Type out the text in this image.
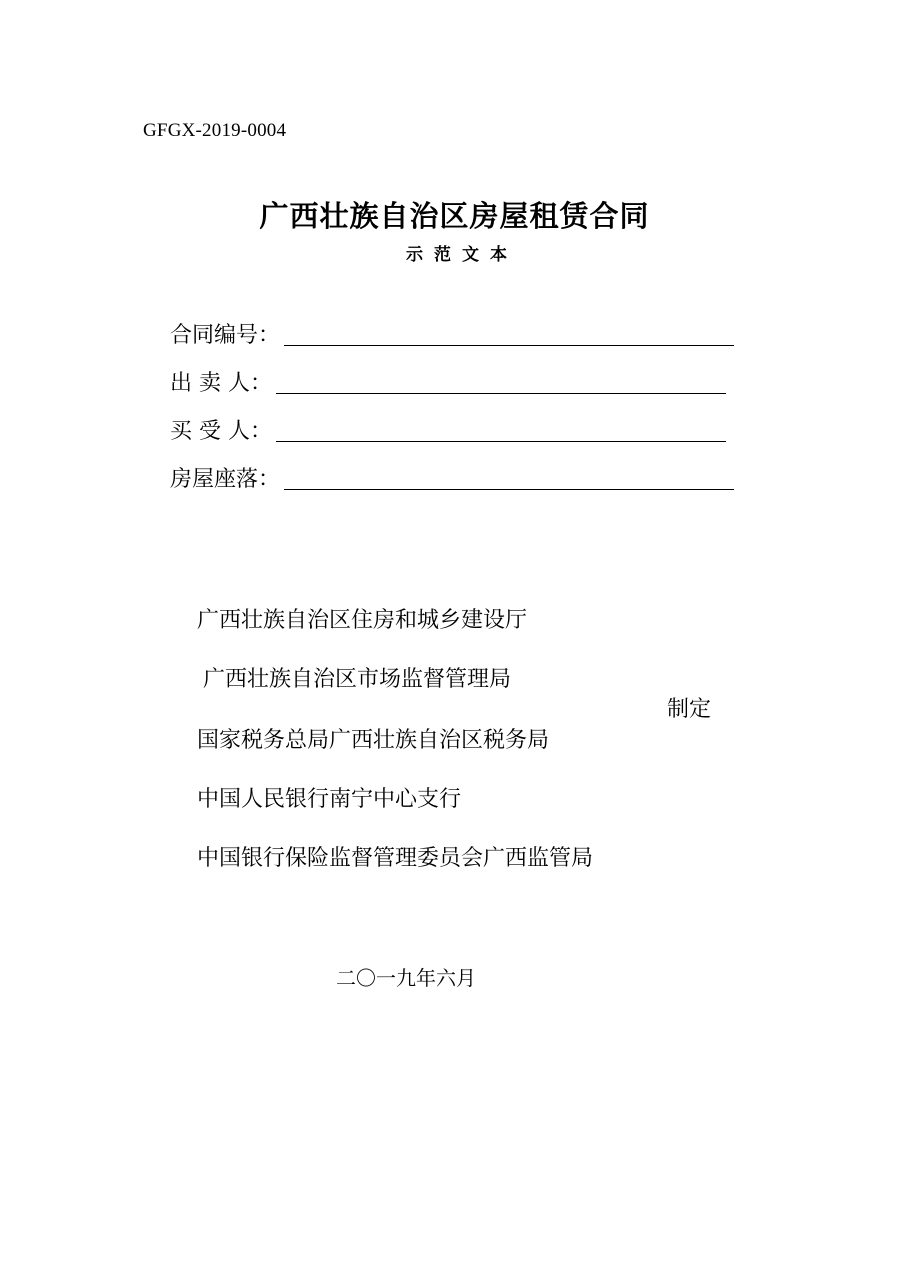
GFGX-2019-0004
广西壮族自治区房屋租赁合同
示范文本
合同编号：
出 卖 人：
买 受 人：
房屋座落：
广西壮族自治区住房和城乡建设厅
广西壮族自治区市场监督管理局
国家税务总局广西壮族自治区税务局
中国人民银行南宁中心支行
中国银行保险监督管理委员会广西监管局
制定
二〇一九年六月
